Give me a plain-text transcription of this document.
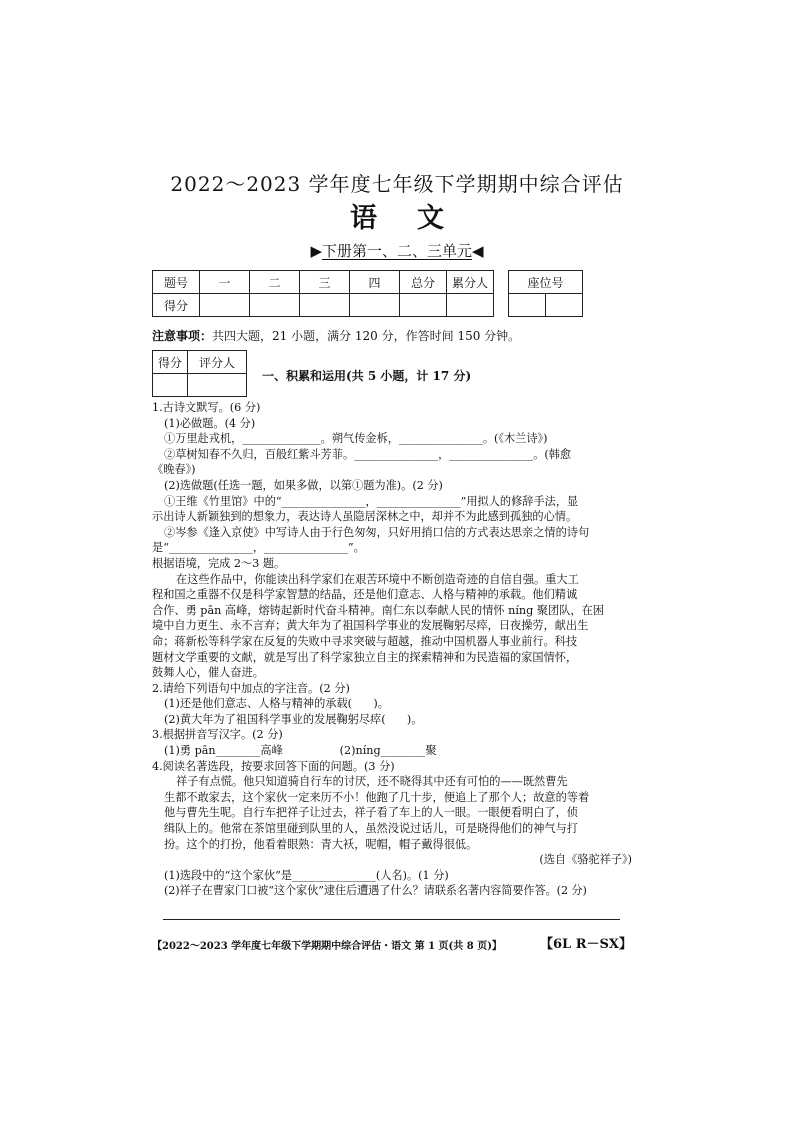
2022～2023 学年度七年级下学期期中综合评估
语文
▶下册第一、二、三单元◀
题号	一	二	三	四	总分	累分人
得分						
座位号

注意事项：共四大题，21 小题，满分 120 分，作答时间 150 分钟。
得分	评分人

一、积累和运用(共 5 小题，计 17 分)

1.古诗文默写。(6 分)

(1)必做题。(4 分)

①万里赴戎机，______________。朔气传金柝，_______________。(《木兰诗》)

②草树知春不久归，百般红紫斗芳菲。_______________，_______________。(韩愈

《晚春》)

(2)选做题(任选一题，如果多做，以第①题为准)。(2 分)

①王维《竹里馆》中的“_______________，_______________”用拟人的修辞手法，显

示出诗人新颖独到的想象力，表达诗人虽隐居深林之中，却并不为此感到孤独的心情。

②岑参《逢入京使》中写诗人由于行色匆匆，只好用捎口信的方式表达思亲之情的诗句

是“_______________，_______________”。

根据语境，完成 2～3 题。

在这些作品中，你能读出科学家们在艰苦环境中不断创造奇迹的自信自强。重大工

程和国之重器不仅是科学家智慧的结晶，还是他们意志、人格与精神的承载。他们精诚

合作、勇 pān 高峰，熔铸起新时代奋斗精神。南仁东以奉献人民的情怀 níng 聚团队，在困

境中自力更生、永不言弃；黄大年为了祖国科学事业的发展鞠躬尽瘁，日夜操劳，献出生

命；蒋新松等科学家在反复的失败中寻求突破与超越，推动中国机器人事业前行。科技

题材文学重要的文献，就是写出了科学家独立自主的探索精神和为民造福的家国情怀，

鼓舞人心，催人奋进。

2.请给下列语句中加点的字注音。(2 分)

(1)还是他们意志、人格与精神的承载(      )。

(2)黄大年为了祖国科学事业的发展鞠躬尽瘁(      )。

3.根据拼音写汉字。(2 分)

(1)勇 pān________高峰                (2)níng________聚

4.阅读名著选段，按要求回答下面的问题。(3 分)

祥子有点慌。他只知道骑自行车的讨厌，还不晓得其中还有可怕的——既然曹先

生都不敢家去，这个家伙一定来历不小！他跑了几十步，便追上了那个人；故意的等着

他与曹先生呢。自行车把祥子让过去，祥子看了车上的人一眼。一眼便看明白了，侦

缉队上的。他常在茶馆里碰到队里的人，虽然没说过话儿，可是晓得他们的神气与打

扮。这个的打扮，他看着眼熟：青大袄，呢帽，帽子戴得很低。

(选自《骆驼祥子》)

(1)选段中的“这个家伙”是_______________(人名)。(1 分)

(2)祥子在曹家门口被“这个家伙”逮住后遭遇了什么？请联系名著内容简要作答。(2 分)

【2022～2023 学年度七年级下学期期中综合评估・语文 第 1 页(共 8 页)】	【6L R－SX】
